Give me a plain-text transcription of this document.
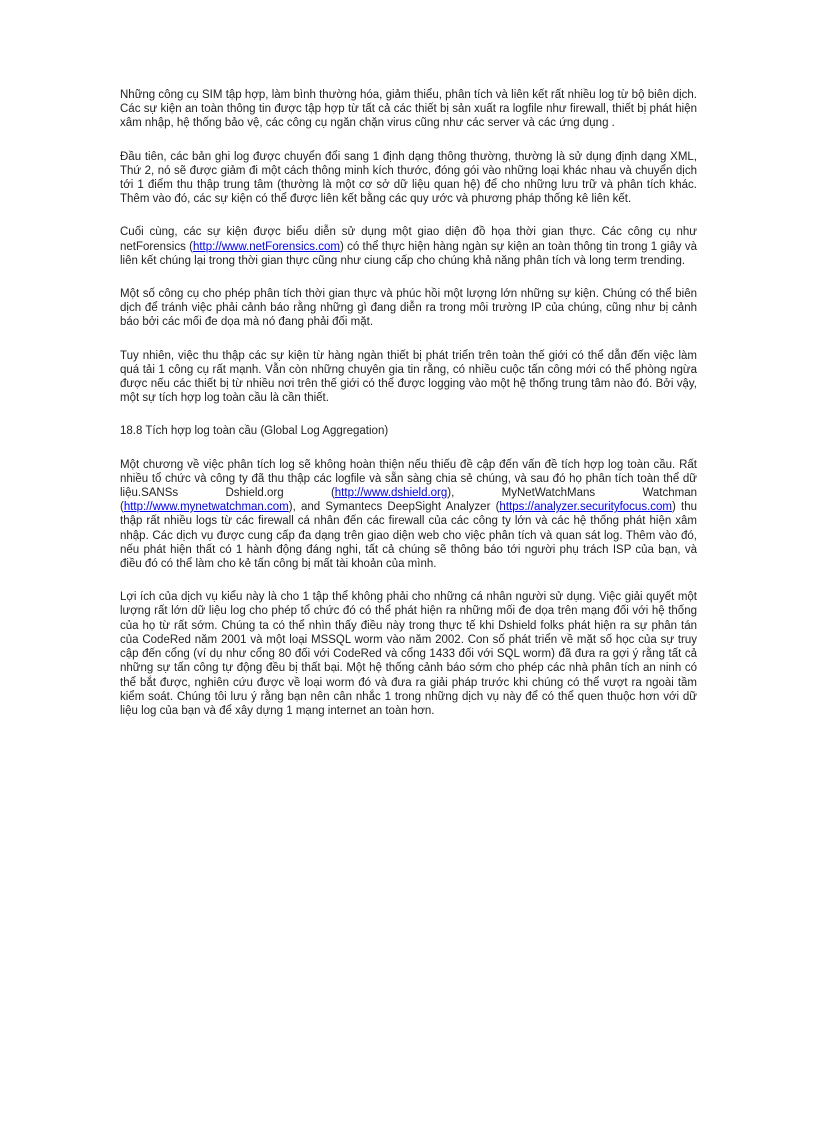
Những công cụ SIM tập hợp, làm bình thường hóa, giảm thiểu, phân tích và liên kết rất nhiều log từ bộ biên dịch. Các sự kiện an toàn thông tin được tập hợp từ tất cả các thiết bị sản xuất ra logfile như firewall, thiết bị phát hiện xâm nhập, hệ thống bảo vệ, các công cụ ngăn chặn virus cũng như các server và các ứng dụng .

Đầu tiên, các bản ghi log được chuyển đổi sang 1 định dạng thông thường, thường là sử dụng định dạng XML, Thứ 2, nó sẽ được giảm đi một cách thông minh kích thước, đóng gói vào những loại khác nhau và chuyển dịch tới 1 điểm thu thập trung tâm (thường là một cơ sở dữ liệu quan hệ) để cho những lưu trữ và phân tích khác. Thêm vào đó, các sự kiện có thể được liên kết bằng các quy ước và phương pháp thống kê liên kết.

Cuối cùng, các sự kiện được biểu diễn sử dụng một giao diện đồ họa thời gian thực. Các công cụ như netForensics (http://www.netForensics.com) có thể thực hiện hàng ngàn sự kiện an toàn thông tin trong 1 giây và liên kết chúng lại trong thời gian thực cũng như ciung cấp cho chúng khả năng phân tích và long term trending.

Một số công cụ cho phép phân tích thời gian thực và phúc hồi một lượng lớn những sự kiện. Chúng có thể biên dịch để tránh việc phải cảnh báo rằng những gì đang diễn ra trong môi trường IP của chúng, cũng như bị cảnh báo bởi các mối đe dọa mà nó đang phải đối mặt.

Tuy nhiên, việc thu thập các sự kiện từ hàng ngàn thiết bị phát triển trên toàn thế giới có thể dẫn đến việc làm quá tải 1 công cụ rất mạnh. Vẫn còn những chuyên gia tin rằng, có nhiều cuộc tấn công mới có thể phòng ngừa được nếu các thiết bị từ nhiều nơi trên thế giới có thể được logging vào một hệ thống trung tâm nào đó. Bởi vậy, một sự tích hợp log toàn cầu là cần thiết.

18.8 Tích hợp log toàn cầu (Global Log Aggregation)

Một chương về việc phân tích log sẽ không hoàn thiện nếu thiếu đề cập đến vấn đề tích hợp log toàn cầu. Rất nhiều tổ chức và công ty đã thu thập các logfile và sẵn sàng chia sẻ chúng, và sau đó họ phân tích toàn thể dữ liệu.SANSs Dshield.org (http://www.dshield.org), MyNetWatchMans Watchman (http://www.mynetwatchman.com), and Symantecs DeepSight Analyzer (https://analyzer.securityfocus.com) thu thập rất nhiều logs từ các firewall cá nhân đến các firewall của các công ty lớn và các hệ thống phát hiện xâm nhập. Các dịch vụ được cung cấp đa dạng trên giao diện web cho việc phân tích và quan sát log. Thêm vào đó, nếu phát hiện thất có 1 hành động đáng nghi, tất cả chúng sẽ thông báo tới người phụ trách ISP của bạn, và điều đó có thể làm cho kẻ tấn công bị mất tài khoản của mình.

Lợi ích của dịch vụ kiểu này là cho 1 tập thể không phải cho những cá nhân người sử dụng. Việc giải quyết một lượng rất lớn dữ liệu log cho phép tổ chức đó có thể phát hiện ra những mối đe dọa trên mạng đối với hệ thống của họ từ rất sớm. Chúng ta có thể nhìn thấy điều này trong thực tế khi Dshield folks phát hiện ra sự phân tán của CodeRed năm 2001 và một loại MSSQL worm vào năm 2002. Con số phát triển về mặt số học của sự truy cập đến cổng (ví dụ như cổng 80 đối với CodeRed và cổng 1433 đối với SQL worm) đã đưa ra gợi ý rằng tất cả những sự tấn công tự động đều bị thất bại. Một hệ thống cảnh báo sớm cho phép các nhà phân tích an ninh có thể bắt được, nghiên cứu được về loại worm đó và đưa ra giải pháp trước khi chúng có thể vượt ra ngoài tầm kiểm soát. Chúng tôi lưu ý rằng bạn nên cân nhắc 1 trong những dịch vụ này để có thể quen thuộc hơn với dữ liệu log của bạn và để xây dựng 1 mạng internet an toàn hơn.
